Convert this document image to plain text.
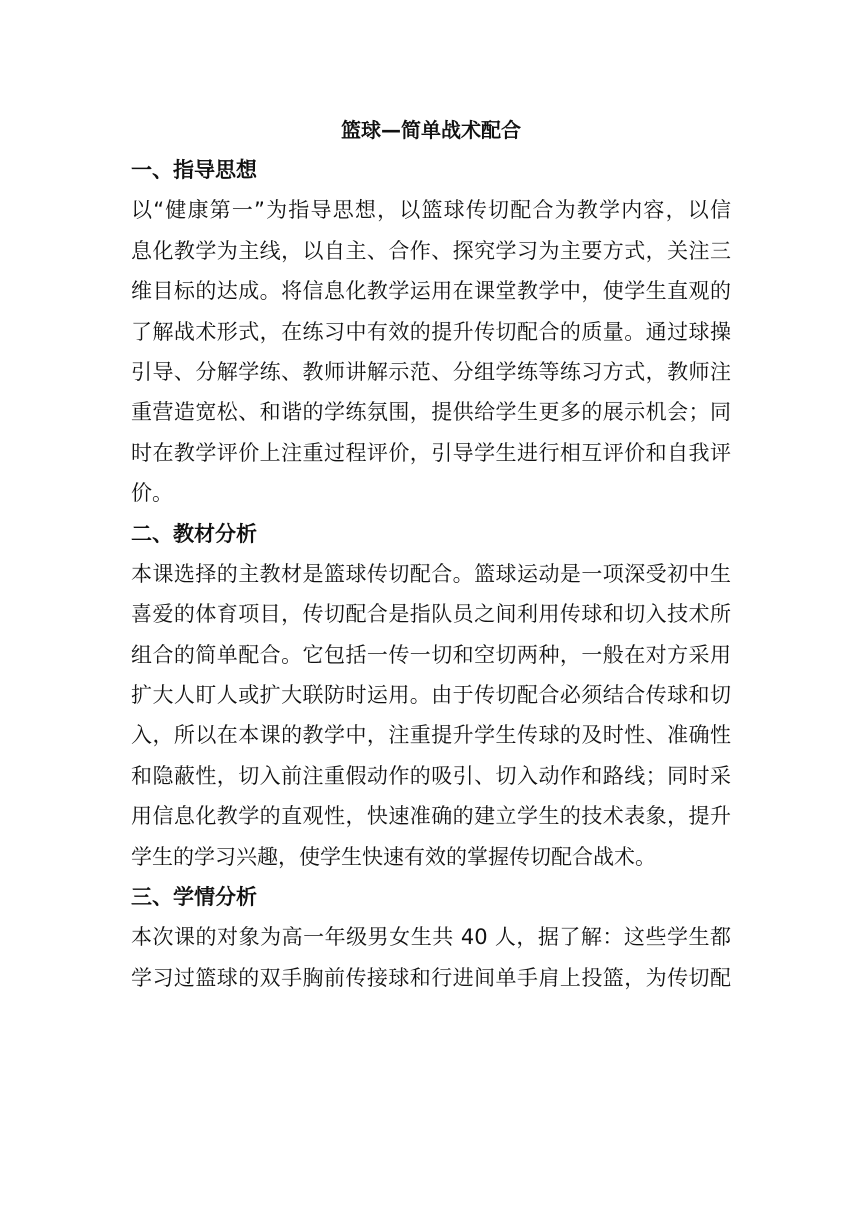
篮球—简单战术配合
一、指导思想
以“健康第一”为指导思想，以篮球传切配合为教学内容，以信
息化教学为主线，以自主、合作、探究学习为主要方式，关注三
维目标的达成。将信息化教学运用在课堂教学中，使学生直观的
了解战术形式，在练习中有效的提升传切配合的质量。通过球操
引导、分解学练、教师讲解示范、分组学练等练习方式，教师注
重营造宽松、和谐的学练氛围，提供给学生更多的展示机会；同
时在教学评价上注重过程评价，引导学生进行相互评价和自我评
价。
二、教材分析
本课选择的主教材是篮球传切配合。篮球运动是一项深受初中生
喜爱的体育项目，传切配合是指队员之间利用传球和切入技术所
组合的简单配合。它包括一传一切和空切两种，一般在对方采用
扩大人盯人或扩大联防时运用。由于传切配合必须结合传球和切
入，所以在本课的教学中，注重提升学生传球的及时性、准确性
和隐蔽性，切入前注重假动作的吸引、切入动作和路线；同时采
用信息化教学的直观性，快速准确的建立学生的技术表象，提升
学生的学习兴趣，使学生快速有效的掌握传切配合战术。
三、学情分析
本次课的对象为高一年级男女生共 40 人，据了解：这些学生都
学习过篮球的双手胸前传接球和行进间单手肩上投篮，为传切配
